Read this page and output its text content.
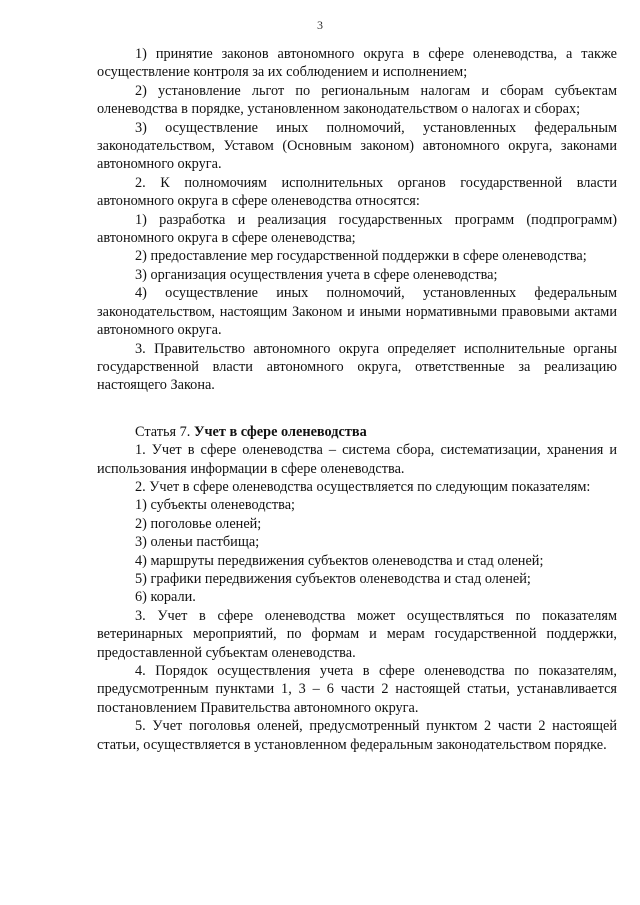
3

1) принятие законов автономного округа в сфере оленеводства, а также осуществление контроля за их соблюдением и исполнением;

2) установление льгот по региональным налогам и сборам субъектам оленеводства в порядке, установленном законодательством о налогах и сборах;

3) осуществление иных полномочий, установленных федеральным законодательством, Уставом (Основным законом) автономного округа, законами автономного округа.

2. К полномочиям исполнительных органов государственной власти автономного округа в сфере оленеводства относятся:

1) разработка и реализация государственных программ (подпрограмм) автономного округа в сфере оленеводства;

2) предоставление мер государственной поддержки в сфере оленеводства;

3) организация осуществления учета в сфере оленеводства;

4) осуществление иных полномочий, установленных федеральным законодательством, настоящим Законом и иными нормативными правовыми актами автономного округа.

3. Правительство автономного округа определяет исполнительные органы государственной власти автономного округа, ответственные за реализацию настоящего Закона.

Статья 7. Учет в сфере оленеводства

1. Учет в сфере оленеводства – система сбора, систематизации, хранения и использования информации в сфере оленеводства.

2. Учет в сфере оленеводства осуществляется по следующим показателям:

1) субъекты оленеводства;

2) поголовье оленей;

3) оленьи пастбища;

4) маршруты передвижения субъектов оленеводства и стад оленей;

5) графики передвижения субъектов оленеводства и стад оленей;

6) корали.

3. Учет в сфере оленеводства может осуществляться по показателям ветеринарных мероприятий, по формам и мерам государственной поддержки, предоставленной субъектам оленеводства.

4. Порядок осуществления учета в сфере оленеводства по показателям, предусмотренным пунктами 1, 3 – 6 части 2 настоящей статьи, устанавливается постановлением Правительства автономного округа.

5. Учет поголовья оленей, предусмотренный пунктом 2 части 2 настоящей статьи, осуществляется в установленном федеральным законодательством порядке.
